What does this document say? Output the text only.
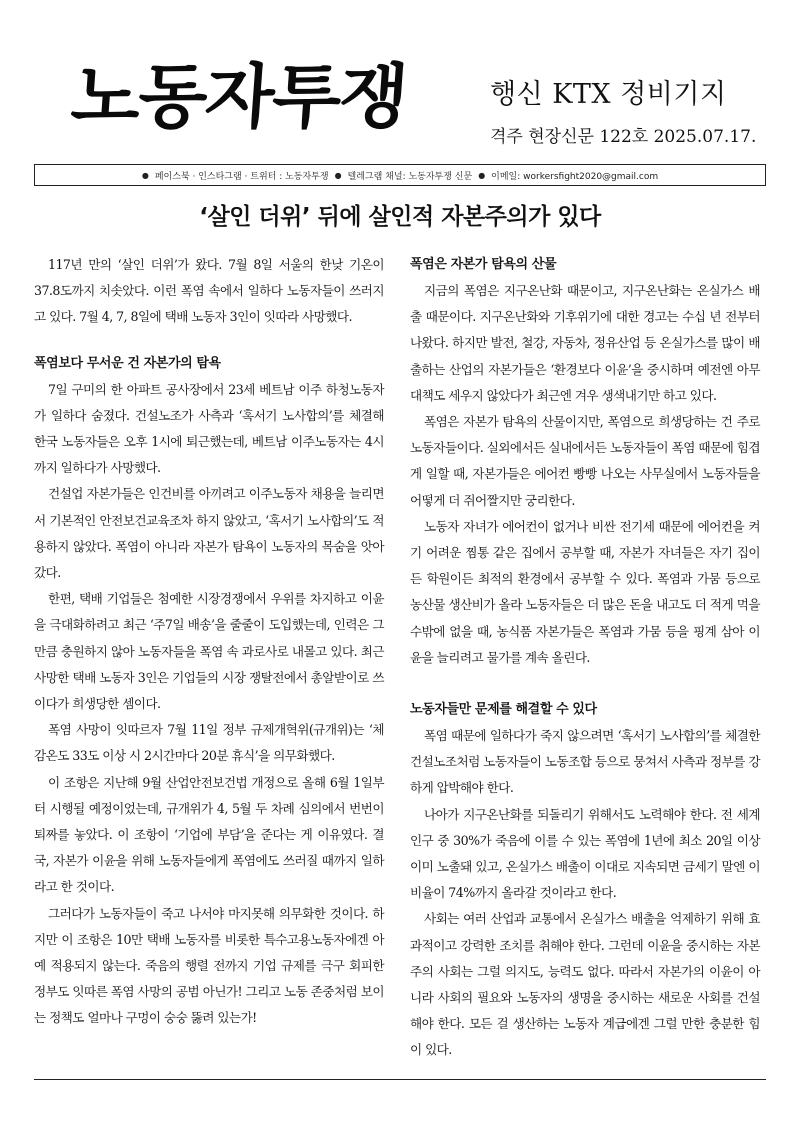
노동자투쟁	행신 KTX 정비기지
격주 현장신문 122호 2025.07.17.
● 페이스북 · 인스타그램 · 트위터 : 노동자투쟁 ● 텔레그램 채널: 노동자투쟁 신문 ● 이메일: workersfight2020@gmail.com
‘살인 더위’ 뒤에 살인적 자본주의가 있다

117년 만의 ‘살인 더위’가 왔다. 7월 8일 서울의 한낮 기온이 37.8도까지 치솟았다. 이런 폭염 속에서 일하다 노동자들이 쓰러지고 있다. 7월 4, 7, 8일에 택배 노동자 3인이 잇따라 사망했다.

폭염보다 무서운 건 자본가의 탐욕

7일 구미의 한 아파트 공사장에서 23세 베트남 이주 하청노동자가 일하다 숨졌다. 건설노조가 사측과 ‘혹서기 노사합의’를 체결해 한국 노동자들은 오후 1시에 퇴근했는데, 베트남 이주노동자는 4시까지 일하다가 사망했다.

건설업 자본가들은 인건비를 아끼려고 이주노동자 채용을 늘리면서 기본적인 안전보건교육조차 하지 않았고, ‘혹서기 노사합의’도 적용하지 않았다. 폭염이 아니라 자본가 탐욕이 노동자의 목숨을 앗아갔다.

한편, 택배 기업들은 첨예한 시장경쟁에서 우위를 차지하고 이윤을 극대화하려고 최근 ‘주7일 배송’을 줄줄이 도입했는데, 인력은 그만큼 충원하지 않아 노동자들을 폭염 속 과로사로 내몰고 있다. 최근 사망한 택배 노동자 3인은 기업들의 시장 쟁탈전에서 총알받이로 쓰이다가 희생당한 셈이다.

폭염 사망이 잇따르자 7월 11일 정부 규제개혁위(규개위)는 ‘체감온도 33도 이상 시 2시간마다 20분 휴식’을 의무화했다.

이 조항은 지난해 9월 산업안전보건법 개정으로 올해 6월 1일부터 시행될 예정이었는데, 규개위가 4, 5월 두 차례 심의에서 번번이 퇴짜를 놓았다. 이 조항이 ‘기업에 부담’을 준다는 게 이유였다. 결국, 자본가 이윤을 위해 노동자들에게 폭염에도 쓰러질 때까지 일하라고 한 것이다.

그러다가 노동자들이 죽고 나서야 마지못해 의무화한 것이다. 하지만 이 조항은 10만 택배 노동자를 비롯한 특수고용노동자에겐 아예 적용되지 않는다. 죽음의 행렬 전까지 기업 규제를 극구 회피한 정부도 잇따른 폭염 사망의 공범 아닌가! 그리고 노동 존중처럼 보이는 정책도 얼마나 구멍이 숭숭 뚫려 있는가!

폭염은 자본가 탐욕의 산물

지금의 폭염은 지구온난화 때문이고, 지구온난화는 온실가스 배출 때문이다. 지구온난화와 기후위기에 대한 경고는 수십 년 전부터 나왔다. 하지만 발전, 철강, 자동차, 정유산업 등 온실가스를 많이 배출하는 산업의 자본가들은 ‘환경보다 이윤’을 중시하며 예전엔 아무 대책도 세우지 않았다가 최근엔 겨우 생색내기만 하고 있다.

폭염은 자본가 탐욕의 산물이지만, 폭염으로 희생당하는 건 주로 노동자들이다. 실외에서든 실내에서든 노동자들이 폭염 때문에 힘겹게 일할 때, 자본가들은 에어컨 빵빵 나오는 사무실에서 노동자들을 어떻게 더 쥐어짤지만 궁리한다.

노동자 자녀가 에어컨이 없거나 비싼 전기세 때문에 에어컨을 켜기 어려운 찜통 같은 집에서 공부할 때, 자본가 자녀들은 자기 집이든 학원이든 최적의 환경에서 공부할 수 있다. 폭염과 가뭄 등으로 농산물 생산비가 올라 노동자들은 더 많은 돈을 내고도 더 적게 먹을 수밖에 없을 때, 농식품 자본가들은 폭염과 가뭄 등을 핑계 삼아 이윤을 늘리려고 물가를 계속 올린다.

노동자들만 문제를 해결할 수 있다

폭염 때문에 일하다가 죽지 않으려면 ‘혹서기 노사합의’를 체결한 건설노조처럼 노동자들이 노동조합 등으로 뭉쳐서 사측과 정부를 강하게 압박해야 한다.

나아가 지구온난화를 되돌리기 위해서도 노력해야 한다. 전 세계 인구 중 30%가 죽음에 이를 수 있는 폭염에 1년에 최소 20일 이상 이미 노출돼 있고, 온실가스 배출이 이대로 지속되면 금세기 말엔 이 비율이 74%까지 올라갈 것이라고 한다.

사회는 여러 산업과 교통에서 온실가스 배출을 억제하기 위해 효과적이고 강력한 조치를 취해야 한다. 그런데 이윤을 중시하는 자본주의 사회는 그럴 의지도, 능력도 없다. 따라서 자본가의 이윤이 아니라 사회의 필요와 노동자의 생명을 중시하는 새로운 사회를 건설해야 한다. 모든 걸 생산하는 노동자 계급에겐 그럴 만한 충분한 힘이 있다.
